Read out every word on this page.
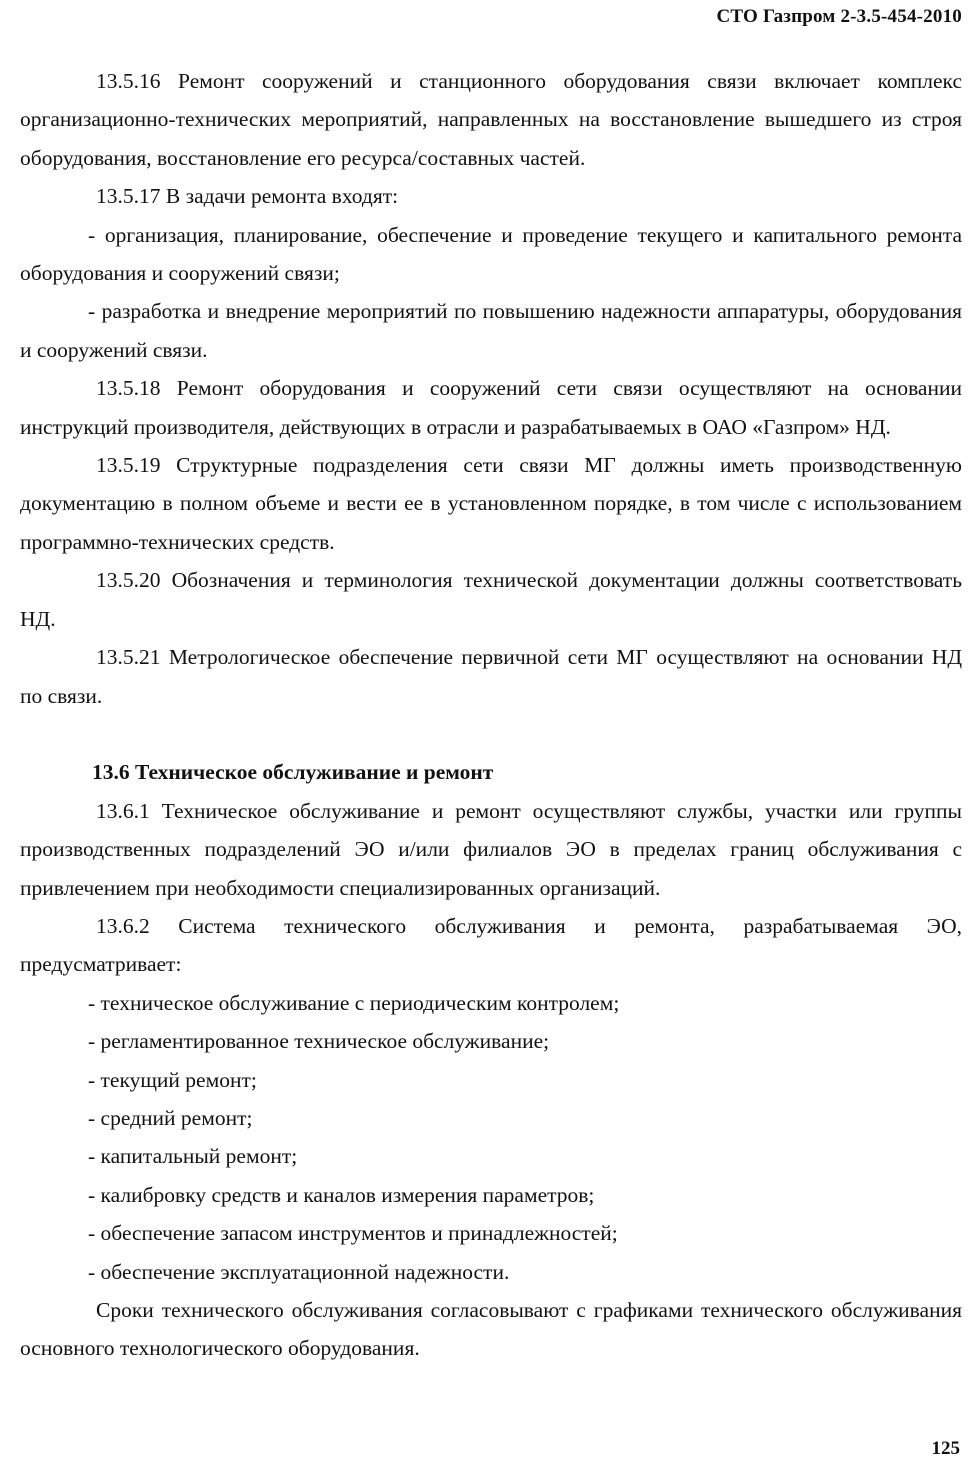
СТО Газпром 2-3.5-454-2010

13.5.16 Ремонт сооружений и станционного оборудования связи включает комплекс организационно-технических мероприятий, направленных на восстановление вышедшего из строя оборудования, восстановление его ресурса/составных частей.

13.5.17 В задачи ремонта входят:

- организация, планирование, обеспечение и проведение текущего и капитального ремонта оборудования и сооружений связи;

- разработка и внедрение мероприятий по повышению надежности аппаратуры, оборудования и сооружений связи.

13.5.18 Ремонт оборудования и сооружений сети связи осуществляют на основании инструкций производителя, действующих в отрасли и разрабатываемых в ОАО «Газпром» НД.

13.5.19 Структурные подразделения сети связи МГ должны иметь производственную документацию в полном объеме и вести ее в установленном порядке, в том числе с использованием программно-технических средств.

13.5.20 Обозначения и терминология технической документации должны соответствовать НД.

13.5.21 Метрологическое обеспечение первичной сети МГ осуществляют на основании НД по связи.

13.6 Техническое обслуживание и ремонт

13.6.1 Техническое обслуживание и ремонт осуществляют службы, участки или группы производственных подразделений ЭО и/или филиалов ЭО в пределах границ обслуживания с привлечением при необходимости специализированных организаций.

13.6.2 Система технического обслуживания и ремонта, разрабатываемая ЭО, предусматривает:

- техническое обслуживание с периодическим контролем;

- регламентированное техническое обслуживание;

- текущий ремонт;

- средний ремонт;

- капитальный ремонт;

- калибровку средств и каналов измерения параметров;

- обеспечение запасом инструментов и принадлежностей;

- обеспечение эксплуатационной надежности.

Сроки технического обслуживания согласовывают с графиками технического обслуживания основного технологического оборудования.

125
